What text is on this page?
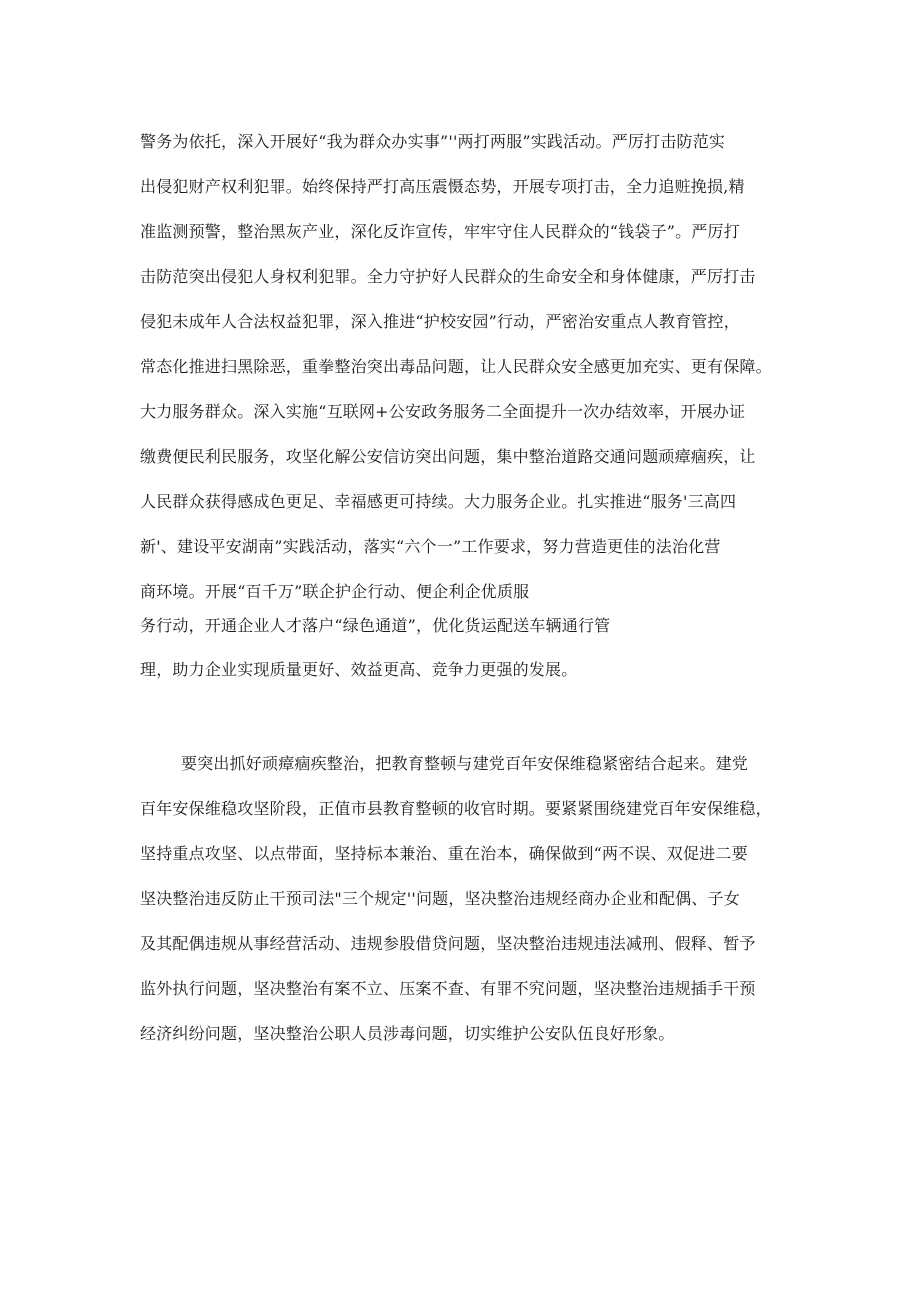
警务为依托，深入开展好“我为群众办实事”''两打两服”实践活动。严厉打击防范实
出侵犯财产权利犯罪。始终保持严打高压震慑态势，开展专项打击，全力追赃挽损,精
准监测预警，整治黑灰产业，深化反诈宣传，牢牢守住人民群众的“钱袋子”。严厉打
击防范突出侵犯人身权利犯罪。全力守护好人民群众的生命安全和身体健康，严厉打击
侵犯未成年人合法权益犯罪，深入推进“护校安园”行动，严密治安重点人教育管控，
常态化推进扫黑除恶，重拳整治突出毒品问题，让人民群众安全感更加充实、更有保障。
大力服务群众。深入实施“互联网+公安政务服务二全面提升一次办结效率，开展办证
缴费便民利民服务，攻坚化解公安信访突出问题，集中整治道路交通问题顽瘴痼疾，让
人民群众获得感成色更足、幸福感更可持续。大力服务企业。扎实推进“服务'三高四
新'、建设平安湖南”实践活动，落实“六个一”工作要求，努力营造更佳的法治化营
商环境。开展“百千万”联企护企行动、便企利企优质服
务行动，开通企业人才落户“绿色通道”，优化货运配送车辆通行管
理，助力企业实现质量更好、效益更高、竞争力更强的发展。
要突出抓好顽瘴痼疾整治，把教育整顿与建党百年安保维稳紧密结合起来。建党
百年安保维稳攻坚阶段，正值市县教育整顿的收官时期。要紧紧围绕建党百年安保维稳，
坚持重点攻坚、以点带面，坚持标本兼治、重在治本，确保做到“两不误、双促进二要
坚决整治违反防止干预司法"三个规定''问题，坚决整治违规经商办企业和配偶、子女
及其配偶违规从事经营活动、违规参股借贷问题，坚决整治违规违法减刑、假释、暂予
监外执行问题，坚决整治有案不立、压案不查、有罪不究问题，坚决整治违规插手干预
经济纠纷问题，坚决整治公职人员涉毒问题，切实维护公安队伍良好形象。
